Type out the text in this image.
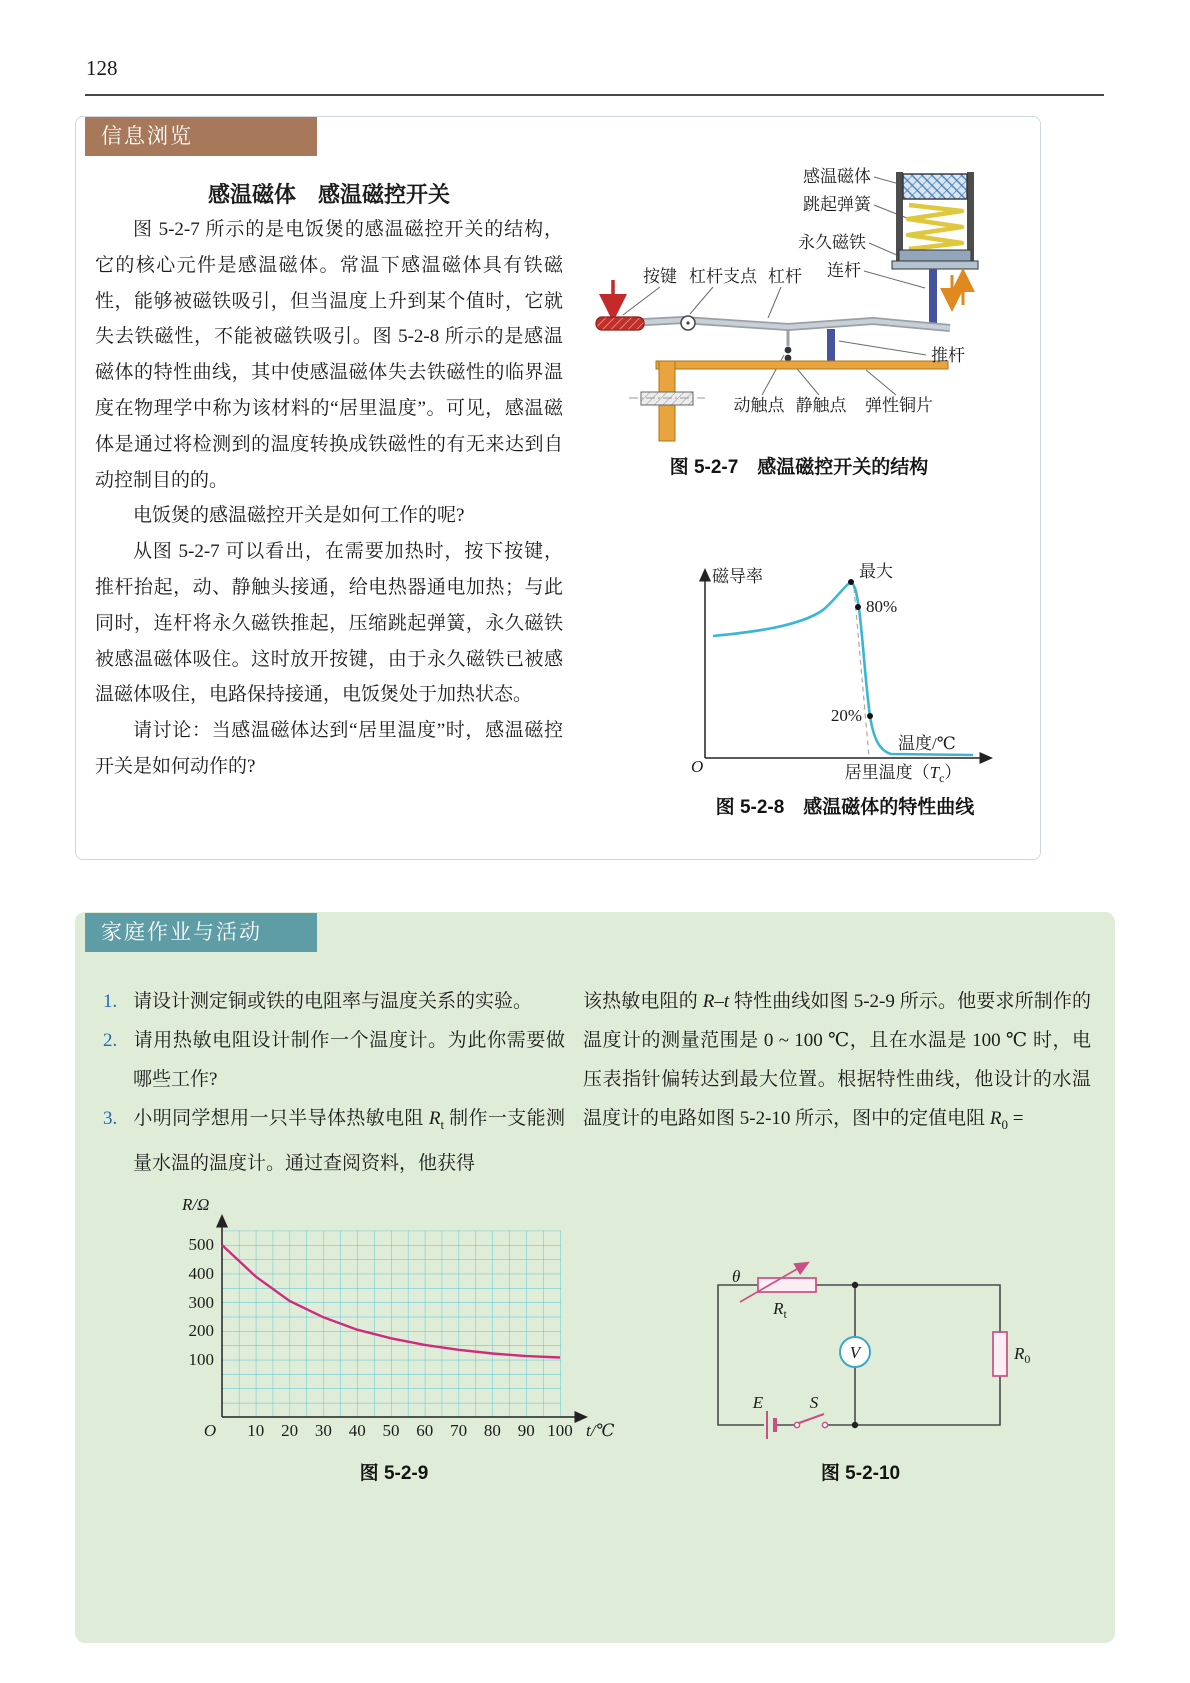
128
信息浏览
感温磁体　感温磁控开关

图 5-2-7 所示的是电饭煲的感温磁控开关的结构，它的核心元件是感温磁体。常温下感温磁体具有铁磁性，能够被磁铁吸引，但当温度上升到某个值时，它就失去铁磁性，不能被磁铁吸引。图 5-2-8 所示的是感温磁体的特性曲线，其中使感温磁体失去铁磁性的临界温度在物理学中称为该材料的“居里温度”。可见，感温磁体是通过将检测到的温度转换成铁磁性的有无来达到自动控制目的的。

电饭煲的感温磁控开关是如何工作的呢?

从图 5-2-7 可以看出，在需要加热时，按下按键，推杆抬起，动、静触头接通，给电热器通电加热；与此同时，连杆将永久磁铁推起，压缩跳起弹簧，永久磁铁被感温磁体吸住。这时放开按键，由于永久磁铁已被感温磁体吸住，电路保持接通，电饭煲处于加热状态。

请讨论：当感温磁体达到“居里温度”时，感温磁控开关是如何动作的?

感温磁体
跳起弹簧
永久磁铁
连杆
按键 杠杆支点 杠杆
推杆
动触点 静触点 弹性铜片
图 5-2-7　感温磁控开关的结构
磁导率	最大
80%
20%
温度/℃
O	居里温度$(T_c)$
图 5-2-8　感温磁体的特性曲线
家庭作业与活动
1. 请设计测定铜或铁的电阻率与温度关系的实验。
2. 请用热敏电阻设计制作一个温度计。为此你需要做哪些工作?
3. 小明同学想用一只半导体热敏电阻 $R_t$ 制作一支能测量水温的温度计。通过查阅资料，他获得
该热敏电阻的 R–t 特性曲线如图 5-2-9 所示。他要求所制作的温度计的测量范围是 0 ~ 100 ℃，且在水温是 100 ℃ 时，电压表指针偏转达到最大位置。根据特性曲线，他设计的水温温度计的电路如图 5-2-10 所示，图中的定值电阻 $R_0$ =
R/Ω
500
400
300
200
100
O 10 20 30 40 50 60 70 80 90 100 t/℃
图 5-2-9
θ
$R_t$
V	$R_0$
E	S
图 5-2-10
